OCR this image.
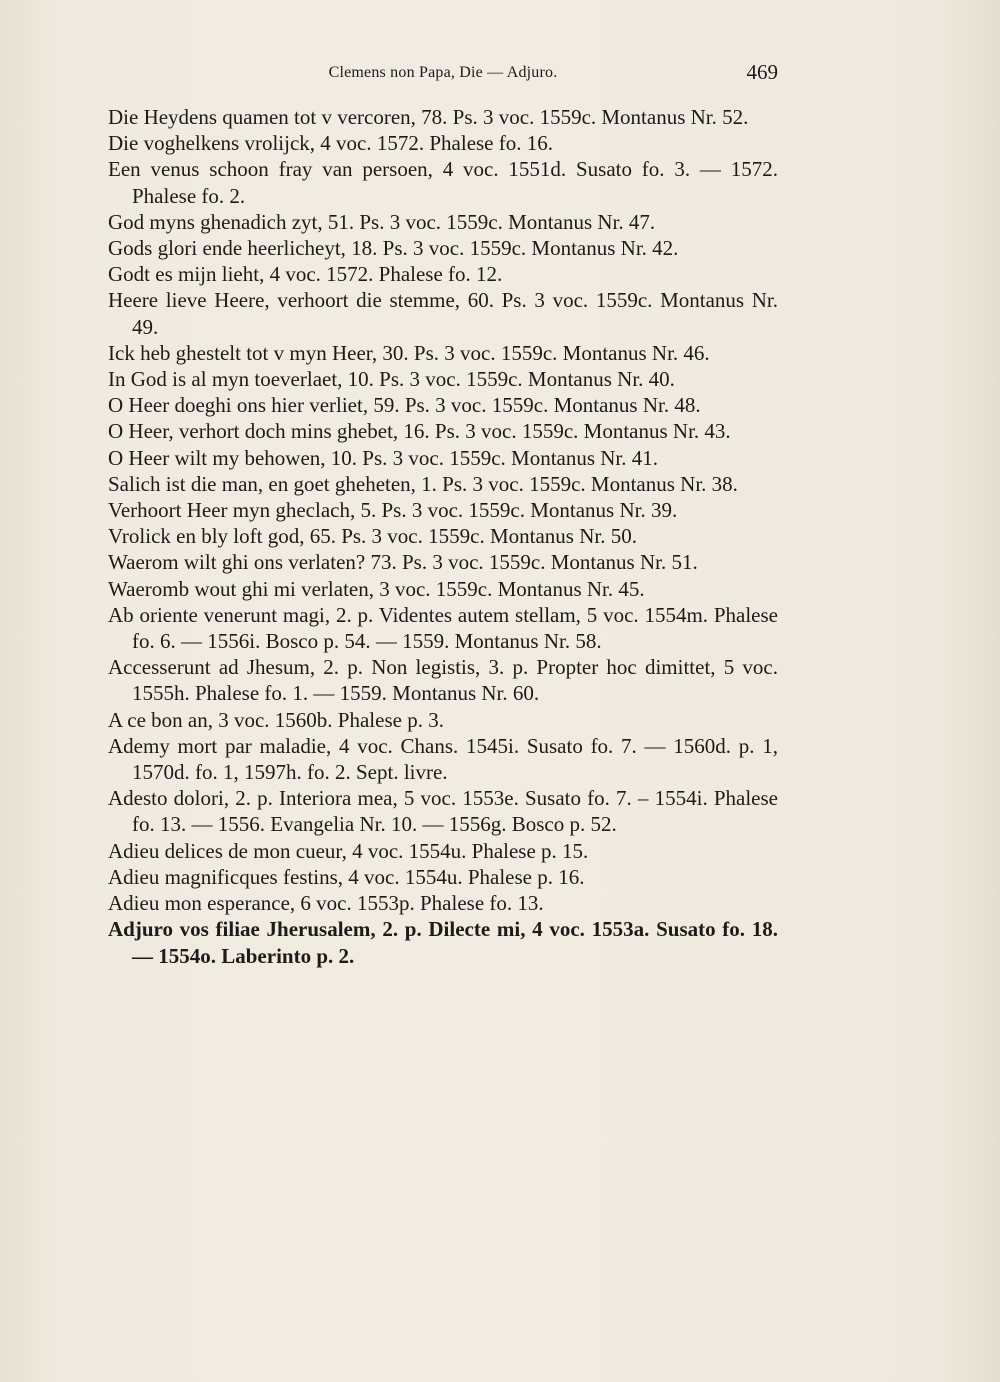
Clemens non Papa, Die — Adjuro.	469
Die Heydens quamen tot v vercoren, 78. Ps. 3 voc. 1559c. Montanus Nr. 52.
Die voghelkens vrolijck, 4 voc. 1572. Phalese fo. 16.
Een venus schoon fray van persoen, 4 voc. 1551d. Susato fo. 3. — 1572. Phalese fo. 2.
God myns ghenadich zyt, 51. Ps. 3 voc. 1559c. Montanus Nr. 47.
Gods glori ende heerlicheyt, 18. Ps. 3 voc. 1559c. Montanus Nr. 42.
Godt es mijn lieht, 4 voc. 1572. Phalese fo. 12.
Heere lieve Heere, verhoort die stemme, 60. Ps. 3 voc. 1559c. Montanus Nr. 49.
Ick heb ghestelt tot v myn Heer, 30. Ps. 3 voc. 1559c. Montanus Nr. 46.
In God is al myn toeverlaet, 10. Ps. 3 voc. 1559c. Montanus Nr. 40.
O Heer doeghi ons hier verliet, 59. Ps. 3 voc. 1559c. Montanus Nr. 48.
O Heer, verhort doch mins ghebet, 16. Ps. 3 voc. 1559c. Montanus Nr. 43.
O Heer wilt my behowen, 10. Ps. 3 voc. 1559c. Montanus Nr. 41.
Salich ist die man, en goet gheheten, 1. Ps. 3 voc. 1559c. Montanus Nr. 38.
Verhoort Heer myn gheclach, 5. Ps. 3 voc. 1559c. Montanus Nr. 39.
Vrolick en bly loft god, 65. Ps. 3 voc. 1559c. Montanus Nr. 50.
Waerom wilt ghi ons verlaten? 73. Ps. 3 voc. 1559c. Montanus Nr. 51.
Waeromb wout ghi mi verlaten, 3 voc. 1559c. Montanus Nr. 45.
Ab oriente venerunt magi, 2. p. Videntes autem stellam, 5 voc. 1554m. Phalese fo. 6. — 1556i. Bosco p. 54. — 1559. Montanus Nr. 58.
Accesserunt ad Jhesum, 2. p. Non legistis, 3. p. Propter hoc dimittet, 5 voc. 1555h. Phalese fo. 1. — 1559. Montanus Nr. 60.
A ce bon an, 3 voc. 1560b. Phalese p. 3.
Ademy mort par maladie, 4 voc. Chans. 1545i. Susato fo. 7. — 1560d. p. 1, 1570d. fo. 1, 1597h. fo. 2. Sept. livre.
Adesto dolori, 2. p. Interiora mea, 5 voc. 1553e. Susato fo. 7. – 1554i. Phalese fo. 13. — 1556. Evangelia Nr. 10. — 1556g. Bosco p. 52.
Adieu delices de mon cueur, 4 voc. 1554u. Phalese p. 15.
Adieu magnificques festins, 4 voc. 1554u. Phalese p. 16.
Adieu mon esperance, 6 voc. 1553p. Phalese fo. 13.
Adjuro vos filiae Jherusalem, 2. p. Dilecte mi, 4 voc. 1553a. Susato fo. 18. — 1554o. Laberinto p. 2.
